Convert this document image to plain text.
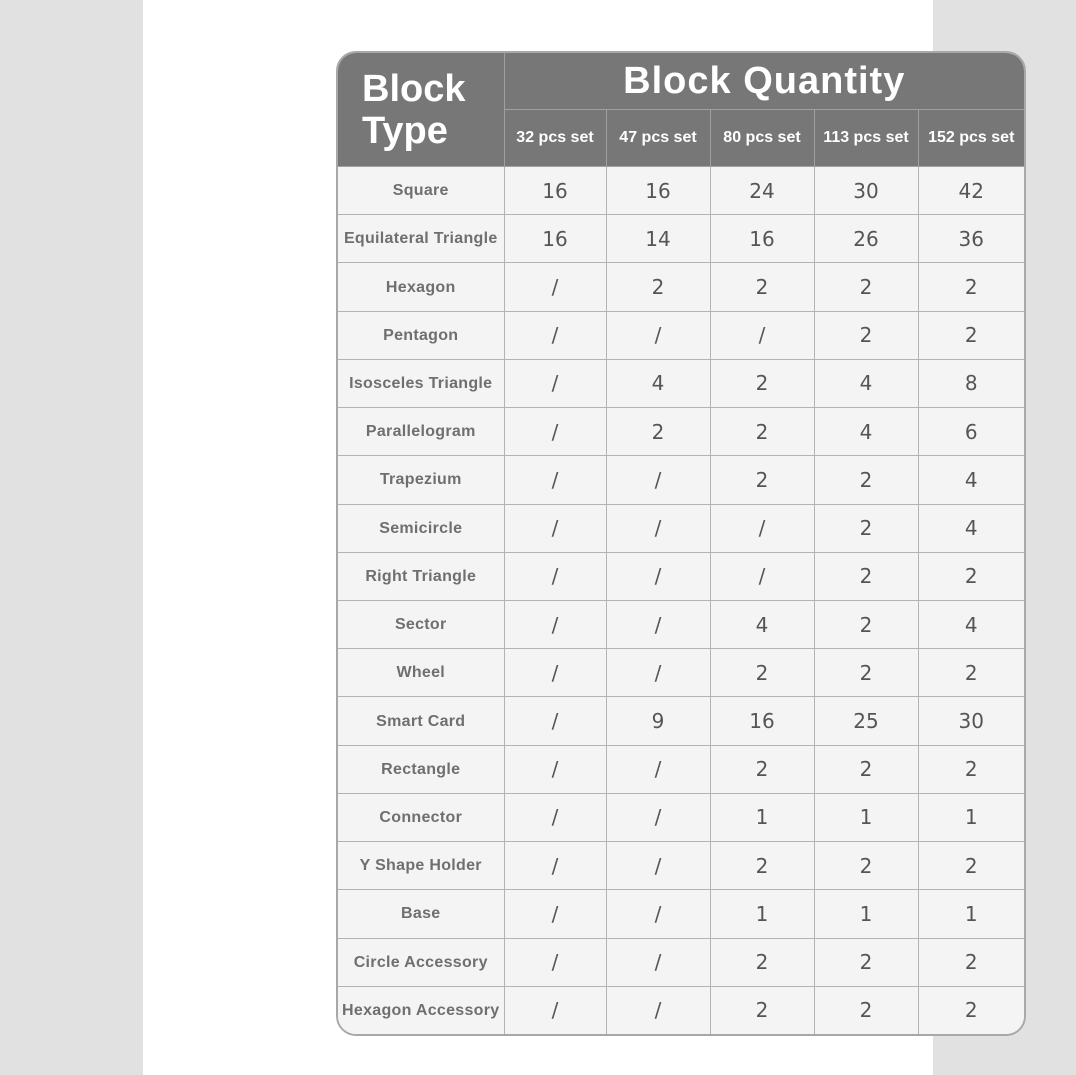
Block
Type	Block Quantity				
	32 pcs set	47 pcs set	80 pcs set	113 pcs set	152 pcs set
Square	16	16	24	30	42
Equilateral Triangle	16	14	16	26	36
Hexagon	/	2	2	2	2
Pentagon	/	/	/	2	2
Isosceles Triangle	/	4	2	4	8
Parallelogram	/	2	2	4	6
Trapezium	/	/	2	2	4
Semicircle	/	/	/	2	4
Right Triangle	/	/	/	2	2
Sector	/	/	4	2	4
Wheel	/	/	2	2	2
Smart Card	/	9	16	25	30
Rectangle	/	/	2	2	2
Connector	/	/	1	1	1
Y Shape Holder	/	/	2	2	2
Base	/	/	1	1	1
Circle Accessory	/	/	2	2	2
Hexagon Accessory	/	/	2	2	2
